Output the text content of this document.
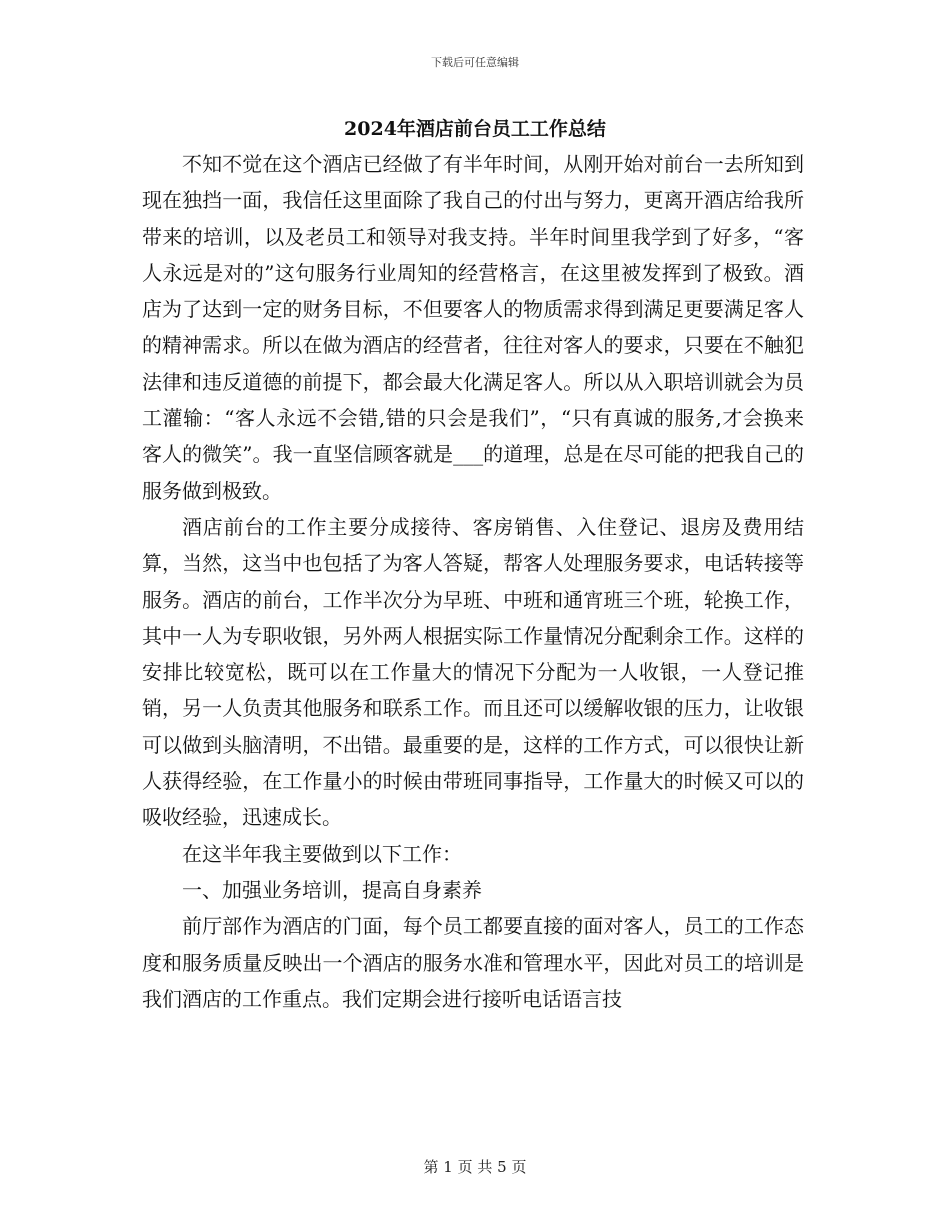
下载后可任意编辑
2024年酒店前台员工工作总结

不知不觉在这个酒店已经做了有半年时间，从刚开始对前台一去所知到现在独挡一面，我信任这里面除了我自己的付出与努力，更离开酒店给我所带来的培训，以及老员工和领导对我支持。半年时间里我学到了好多，“客人永远是对的”这句服务行业周知的经营格言，在这里被发挥到了极致。酒店为了达到一定的财务目标，不但要客人的物质需求得到满足更要满足客人的精神需求。所以在做为酒店的经营者，往往对客人的要求，只要在不触犯法律和违反道德的前提下，都会最大化满足客人。所以从入职培训就会为员工灌输：“客人永远不会错,错的只会是我们”，“只有真诚的服务,才会换来客人的微笑”。我一直坚信顾客就是___的道理，总是在尽可能的把我自己的服务做到极致。

酒店前台的工作主要分成接待、客房销售、入住登记、退房及费用结算，当然，这当中也包括了为客人答疑，帮客人处理服务要求，电话转接等服务。酒店的前台，工作半次分为早班、中班和通宵班三个班，轮换工作，其中一人为专职收银，另外两人根据实际工作量情况分配剩余工作。这样的安排比较宽松，既可以在工作量大的情况下分配为一人收银，一人登记推销，另一人负责其他服务和联系工作。而且还可以缓解收银的压力，让收银可以做到头脑清明，不出错。最重要的是，这样的工作方式，可以很快让新人获得经验，在工作量小的时候由带班同事指导，工作量大的时候又可以的吸收经验，迅速成长。

在这半年我主要做到以下工作：

一、加强业务培训，提高自身素养

前厅部作为酒店的门面，每个员工都要直接的面对客人，员工的工作态度和服务质量反映出一个酒店的服务水准和管理水平，因此对员工的培训是我们酒店的工作重点。我们定期会进行接听电话语言技

第 1 页 共 5 页
